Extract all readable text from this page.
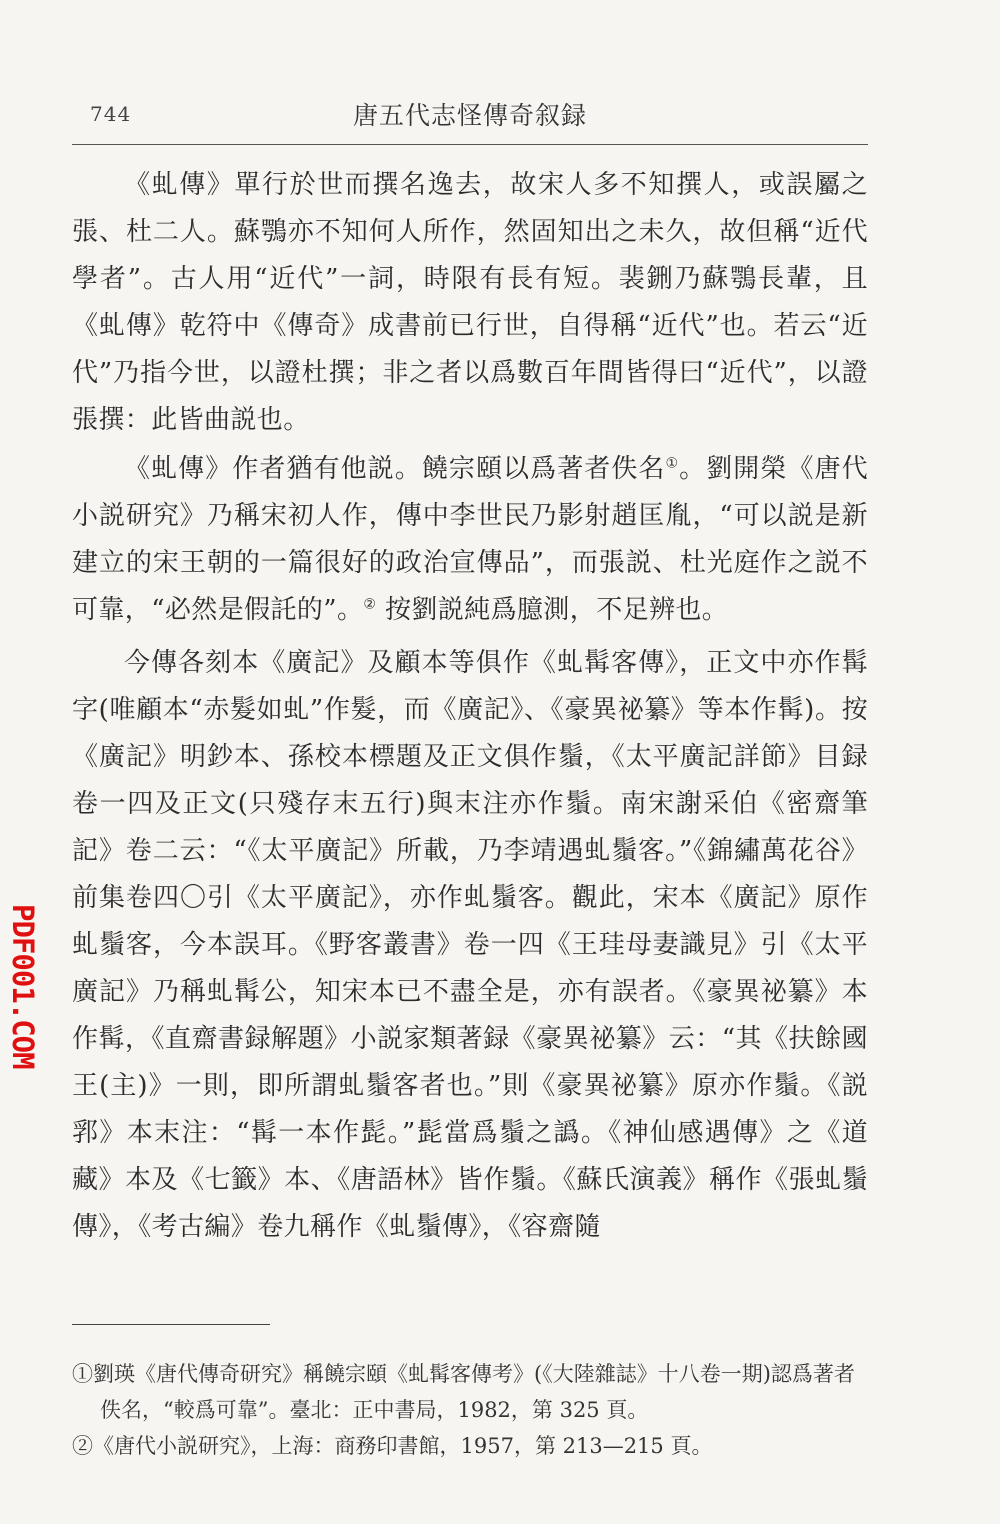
744	唐五代志怪傳奇叙録

《虬傳》單行於世而撰名逸去，故宋人多不知撰人，或誤屬之張、杜二人。蘇鶚亦不知何人所作，然固知出之未久，故但稱“近代學者”。古人用“近代”一詞，時限有長有短。裴鉶乃蘇鶚長輩，且《虬傳》乾符中《傳奇》成書前已行世，自得稱“近代”也。若云“近代”乃指今世，以證杜撰；非之者以爲數百年間皆得曰“近代”，以證張撰：此皆曲説也。

《虬傳》作者猶有他説。饒宗頤以爲著者佚名①。劉開榮《唐代小説研究》乃稱宋初人作，傳中李世民乃影射趙匡胤，“可以説是新建立的宋王朝的一篇很好的政治宣傳品”，而張説、杜光庭作之説不可靠，“必然是假託的”。② 按劉説純爲臆測，不足辨也。

今傳各刻本《廣記》及顧本等俱作《虬髯客傳》，正文中亦作髯字(唯顧本“赤髮如虬”作髮，而《廣記》、《豪異祕纂》等本作髯)。按《廣記》明鈔本、孫校本標題及正文俱作鬚，《太平廣記詳節》目録卷一四及正文(只殘存末五行)與末注亦作鬚。南宋謝采伯《密齋筆記》卷二云：“《太平廣記》所載，乃李靖遇虬鬚客。”《錦繡萬花谷》前集卷四〇引《太平廣記》，亦作虬鬚客。觀此，宋本《廣記》原作虬鬚客，今本誤耳。《野客叢書》卷一四《王珪母妻識見》引《太平廣記》乃稱虬髯公，知宋本已不盡全是，亦有誤者。《豪異祕纂》本作髯，《直齋書録解題》小説家類著録《豪異祕纂》云：“其《扶餘國王(主)》一則，即所謂虬鬚客者也。”則《豪異祕纂》原亦作鬚。《説郛》本末注：“髯一本作髭。”髭當爲鬚之譌。《神仙感遇傳》之《道藏》本及《七籤》本、《唐語林》皆作鬚。《蘇氏演義》稱作《張虬鬚傳》，《考古編》卷九稱作《虬鬚傳》，《容齋隨

①劉瑛《唐代傳奇研究》稱饒宗頤《虬髯客傳考》(《大陸雜誌》十八卷一期)認爲著者佚名，“較爲可靠”。臺北：正中書局，1982，第 325 頁。

②《唐代小説研究》，上海：商務印書館，1957，第 213—215 頁。

PDF001.COM
